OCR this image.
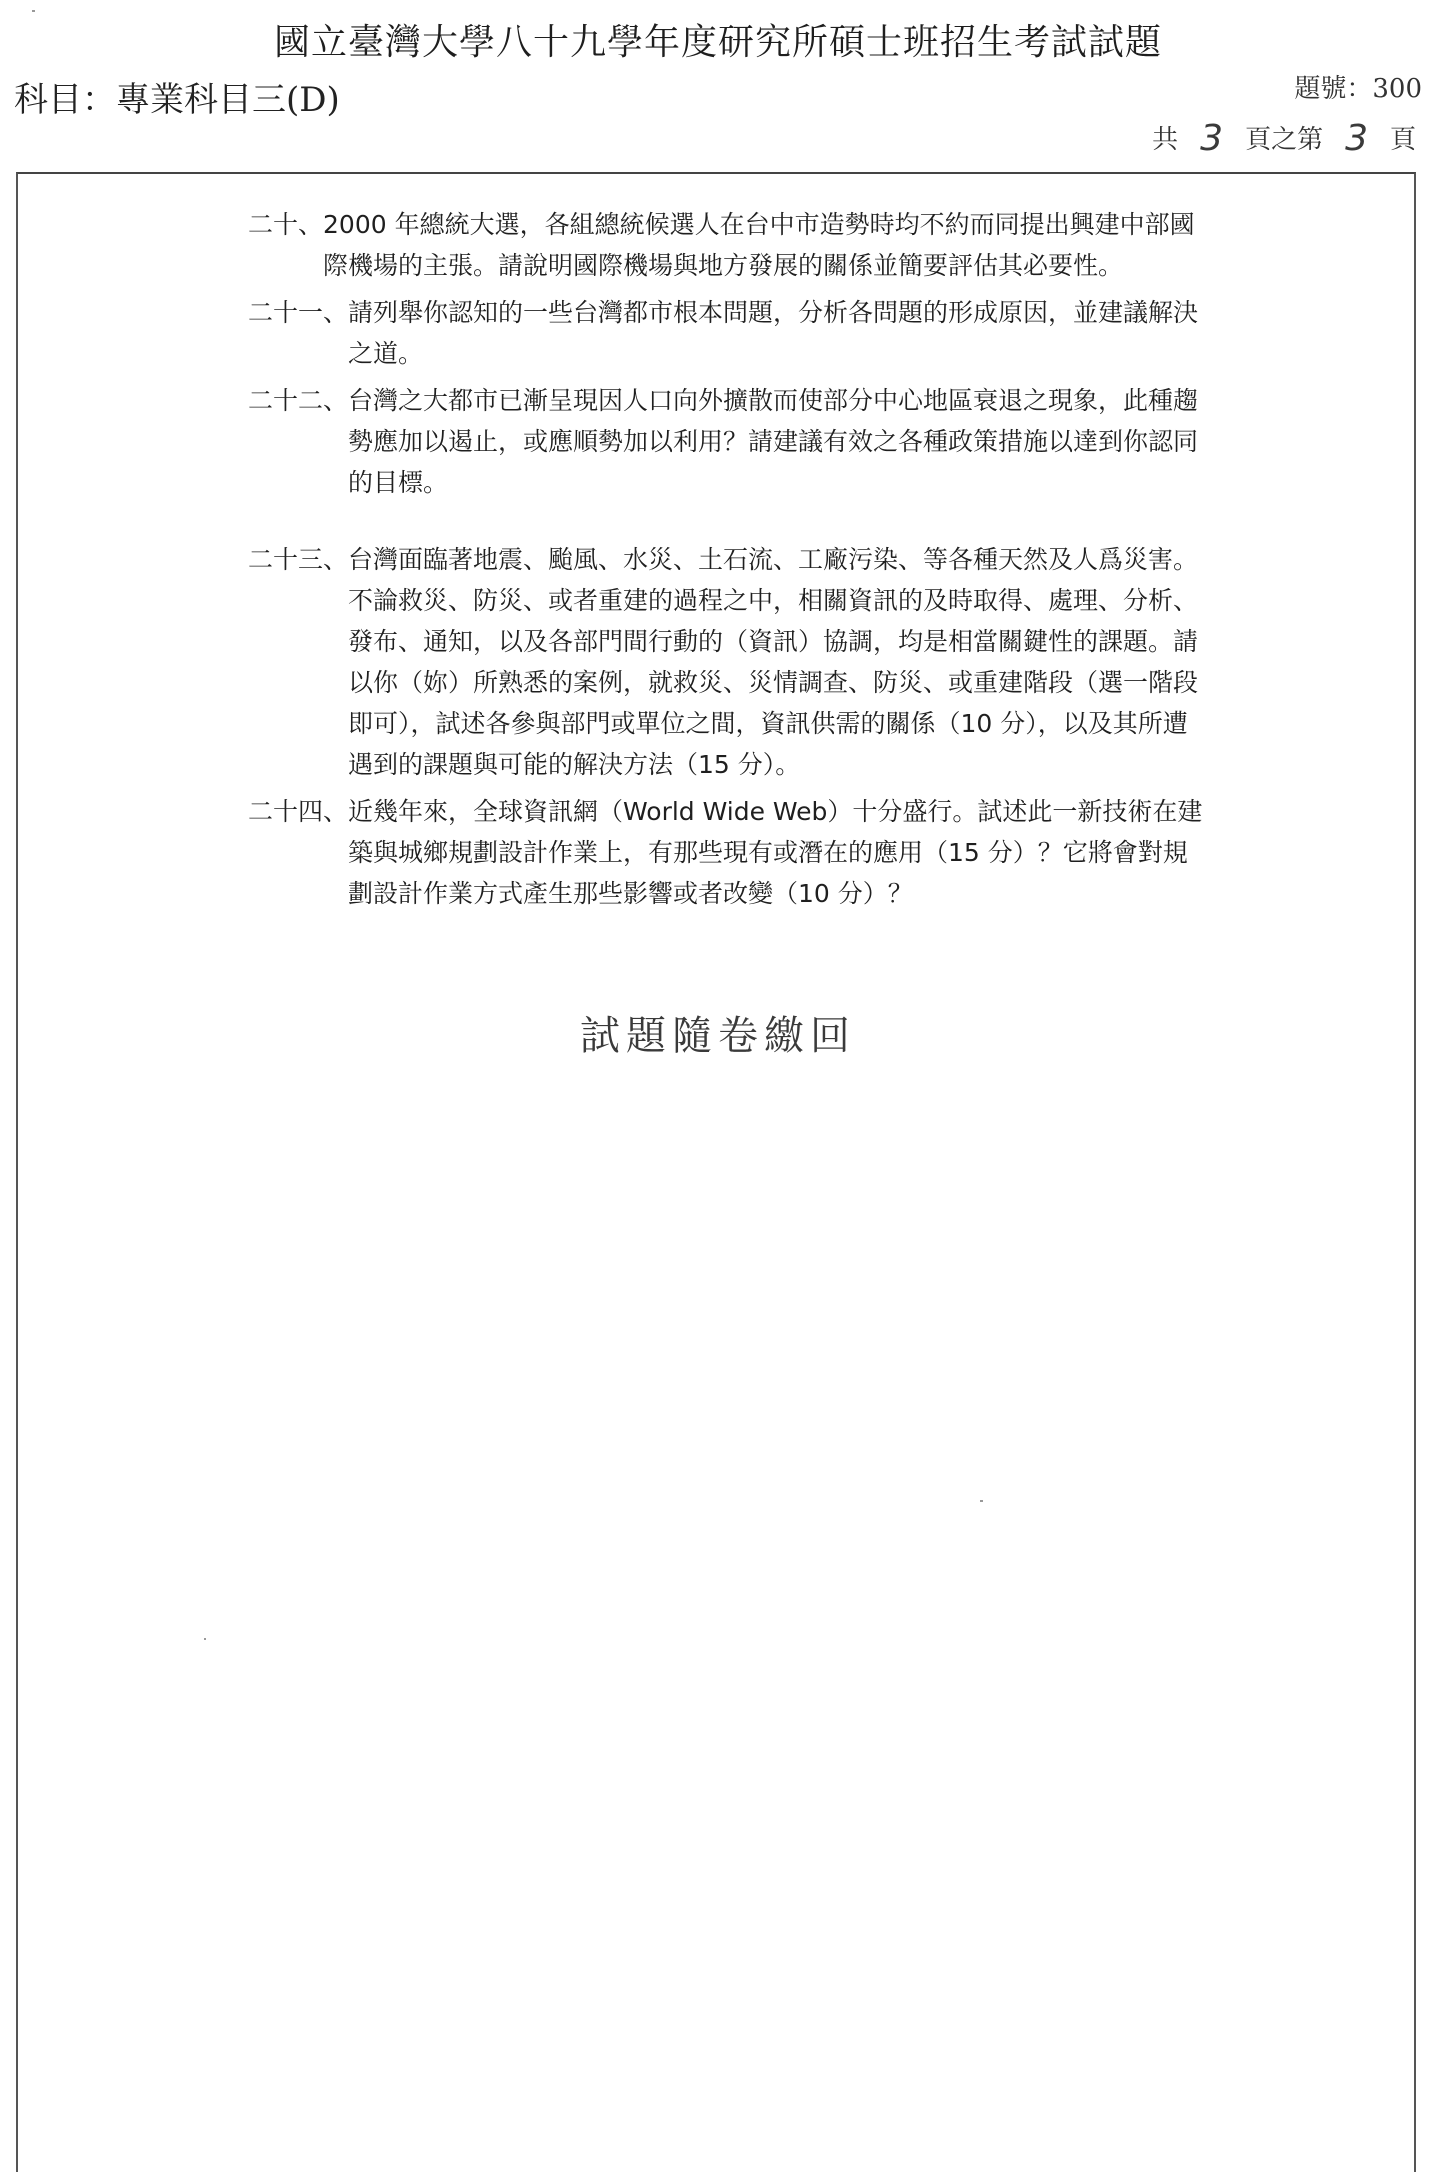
國立臺灣大學八十九學年度研究所碩士班招生考試試題
科目：專業科目三(D)	題號：300
共 3 頁之第 3 頁
二十、 2000 年總統大選，各組總統候選人在台中市造勢時均不約而同提出興建中部國際機場的主張。請說明國際機場與地方發展的關係並簡要評估其必要性。
二十一、 請列舉你認知的一些台灣都市根本問題，分析各問題的形成原因，並建議解決之道。
二十二、 台灣之大都市已漸呈現因人口向外擴散而使部分中心地區衰退之現象，此種趨勢應加以遏止，或應順勢加以利用？請建議有效之各種政策措施以達到你認同的目標。
二十三、 台灣面臨著地震、颱風、水災、土石流、工廠污染、等各種天然及人爲災害。不論救災、防災、或者重建的過程之中，相關資訊的及時取得、處理、分析、發布、通知，以及各部門間行動的（資訊）協調，均是相當關鍵性的課題。請以你（妳）所熟悉的案例，就救災、災情調查、防災、或重建階段（選一階段即可），試述各參與部門或單位之間，資訊供需的關係（10 分），以及其所遭遇到的課題與可能的解決方法（15 分）。
二十四、 近幾年來，全球資訊網（World Wide Web）十分盛行。試述此一新技術在建築與城鄉規劃設計作業上，有那些現有或潛在的應用（15 分）？它將會對規劃設計作業方式產生那些影響或者改變（10 分）？
試題隨卷繳回
